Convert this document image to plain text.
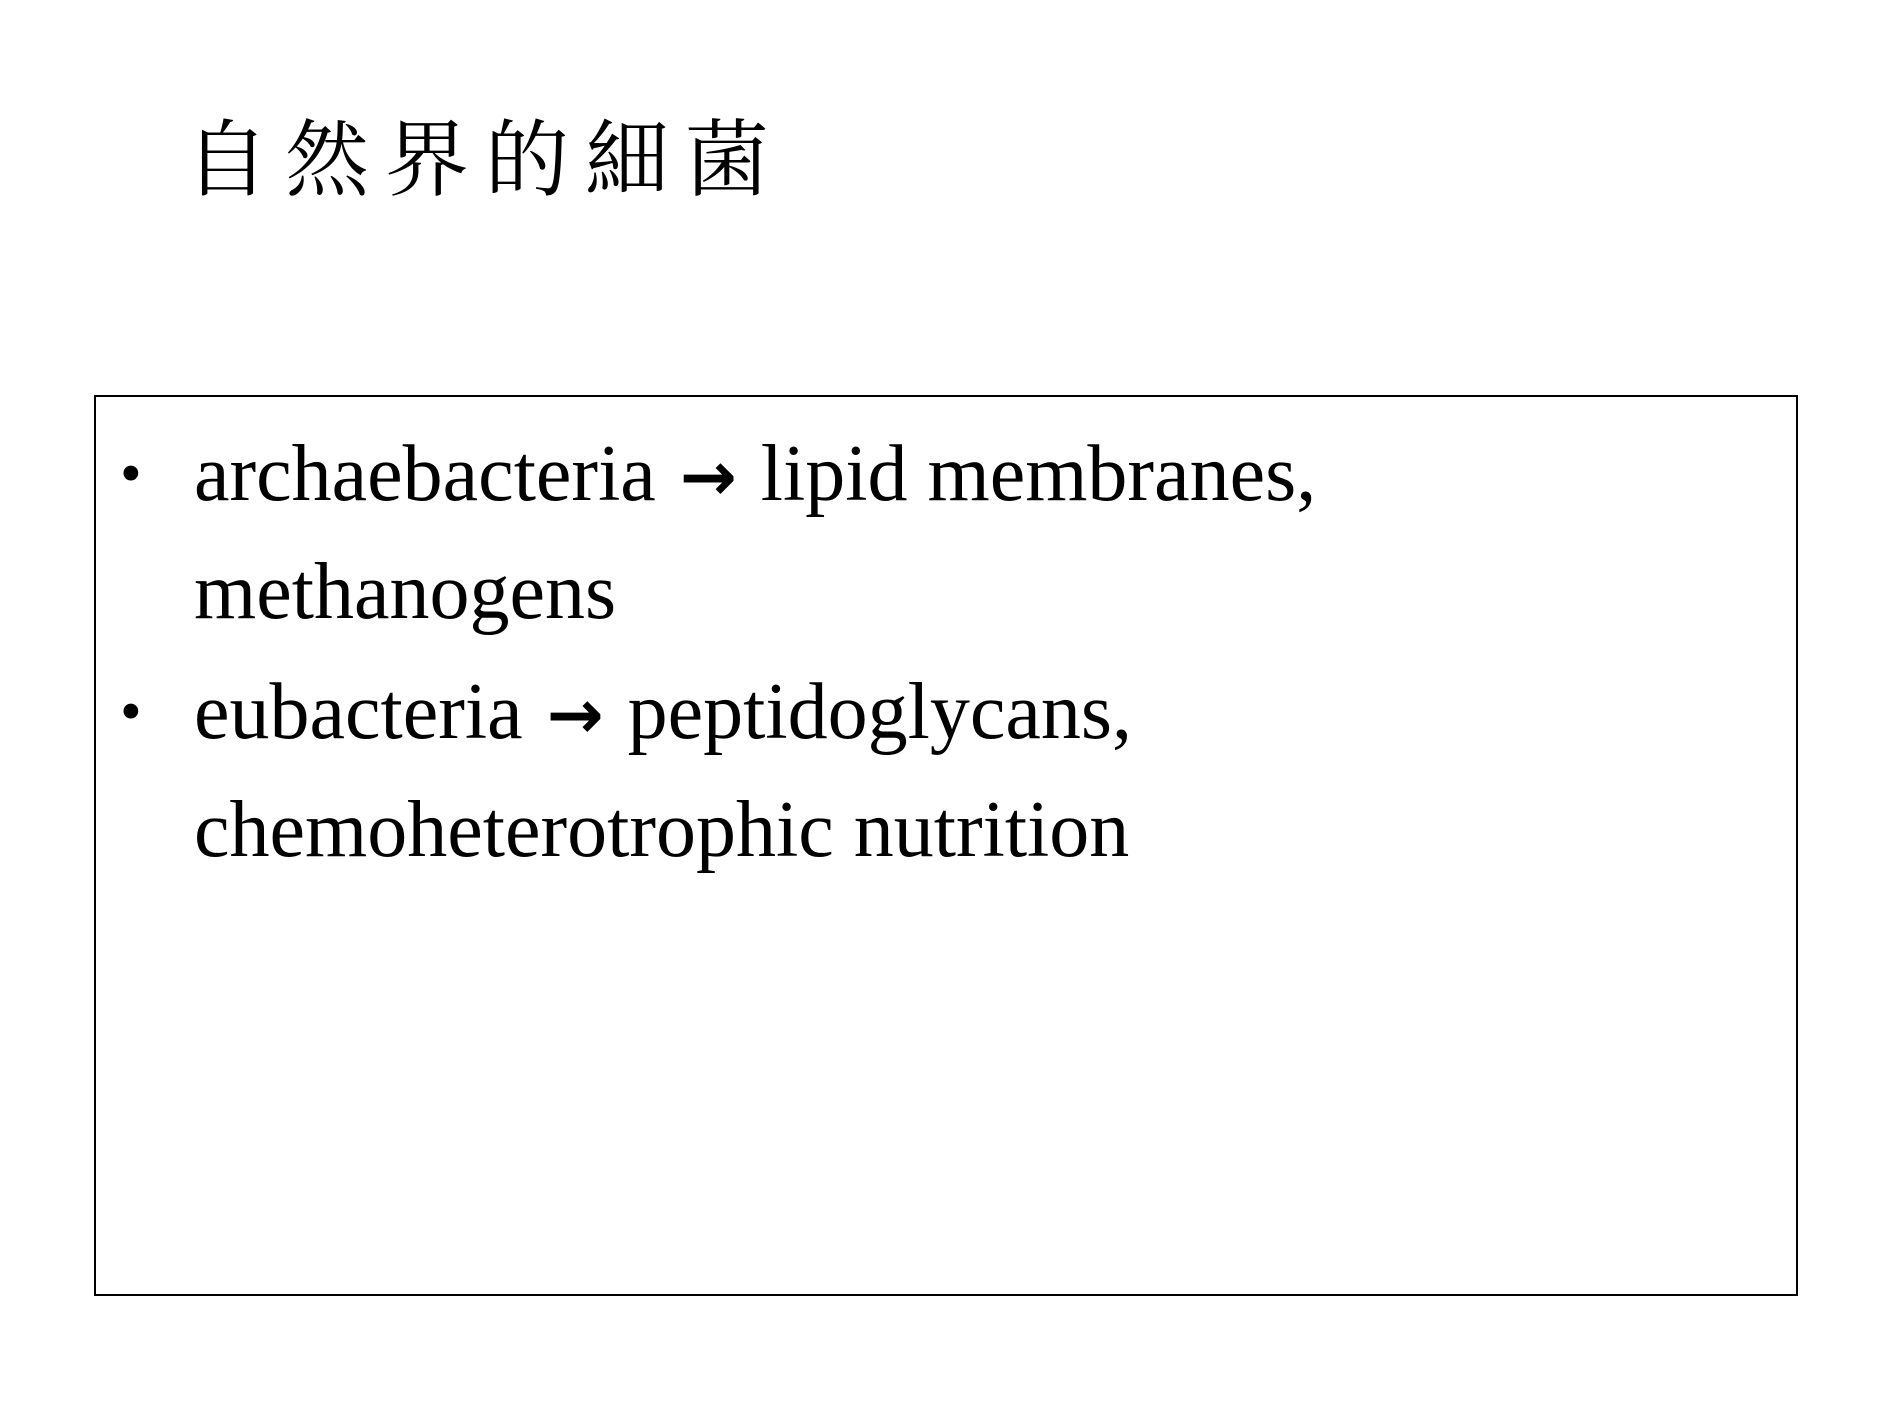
自然界的細菌
• archaebacteria → lipid membranes,
methanogens
• eubacteria → peptidoglycans,
chemoheterotrophic nutrition
